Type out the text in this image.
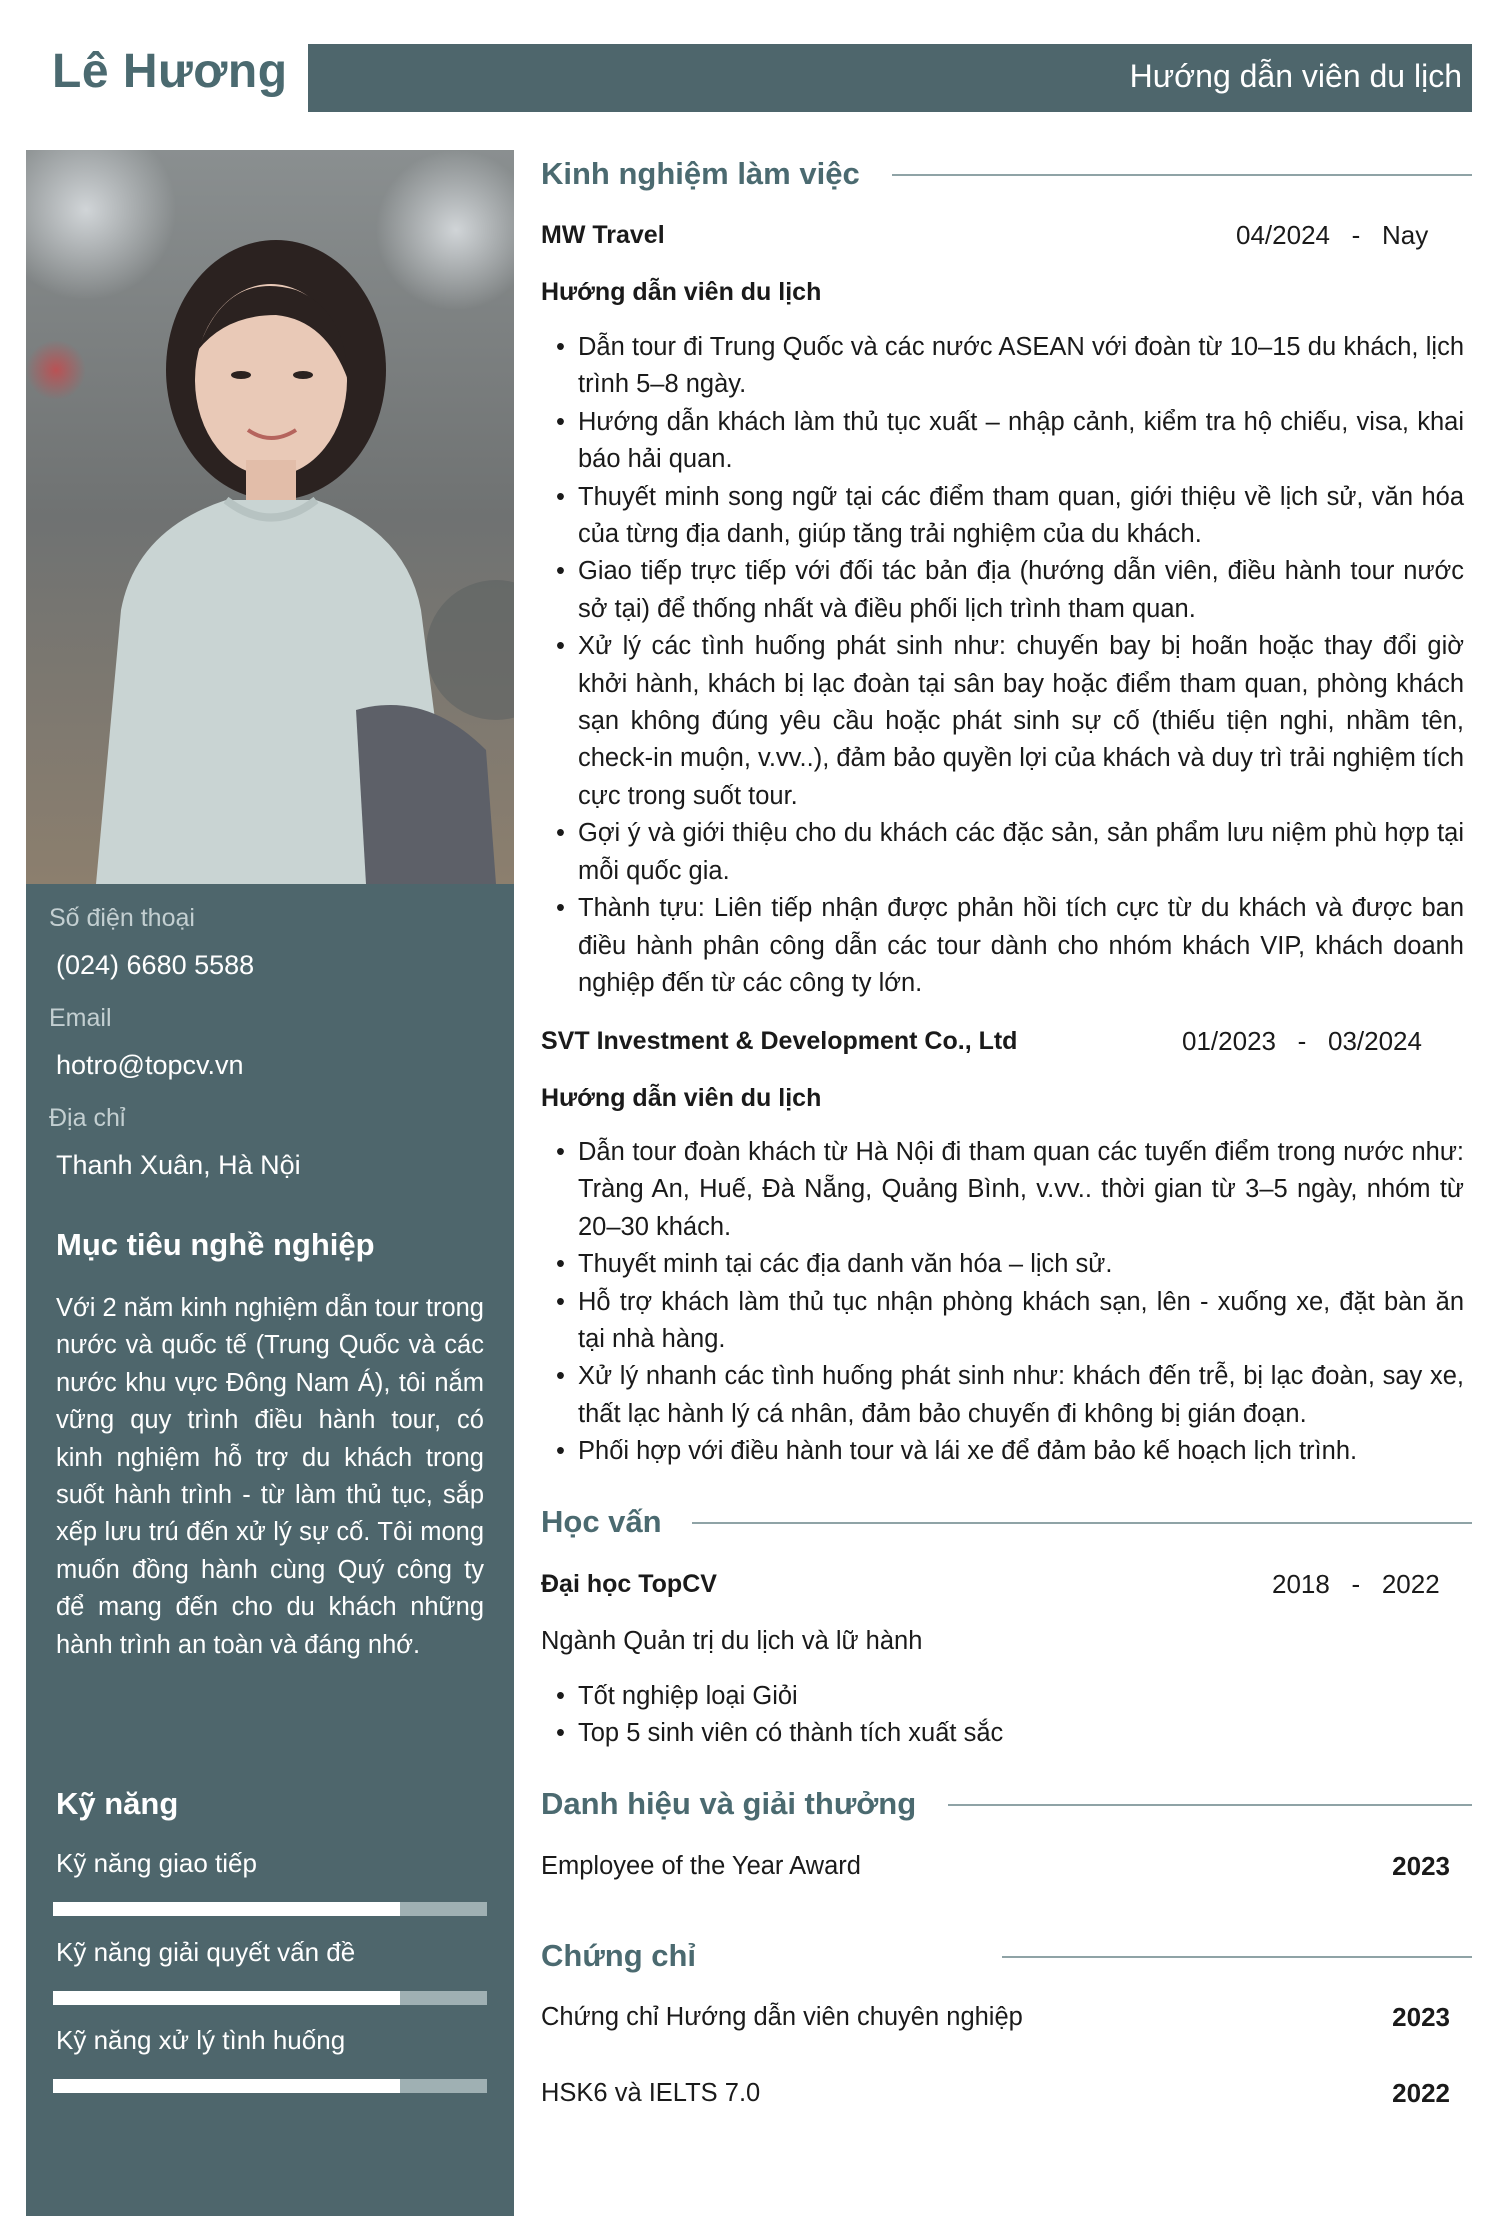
Lê Hương	Hướng dẫn viên du lịch
Số điện thoại
(024) 6680 5588
Email
hotro@topcv.vn
Địa chỉ
Thanh Xuân, Hà Nội
Mục tiêu nghề nghiệp
Với 2 năm kinh nghiệm dẫn tour trong nước và quốc tế (Trung Quốc và các nước khu vực Đông Nam Á), tôi nắm vững quy trình điều hành tour, có kinh nghiệm hỗ trợ du khách trong suốt hành trình - từ làm thủ tục, sắp xếp lưu trú đến xử lý sự cố. Tôi mong muốn đồng hành cùng Quý công ty để mang đến cho du khách những hành trình an toàn và đáng nhớ.
Kỹ năng
Kỹ năng giao tiếp
Kỹ năng giải quyết vấn đề
Kỹ năng xử lý tình huống
Kinh nghiệm làm việc
MW Travel	04/2024   -   Nay
Hướng dẫn viên du lịch
• Dẫn tour đi Trung Quốc và các nước ASEAN với đoàn từ 10–15 du khách, lịch trình 5–8 ngày.
• Hướng dẫn khách làm thủ tục xuất – nhập cảnh, kiểm tra hộ chiếu, visa, khai báo hải quan.
• Thuyết minh song ngữ tại các điểm tham quan, giới thiệu về lịch sử, văn hóa của từng địa danh, giúp tăng trải nghiệm của du khách.
• Giao tiếp trực tiếp với đối tác bản địa (hướng dẫn viên, điều hành tour nước sở tại) để thống nhất và điều phối lịch trình tham quan.
• Xử lý các tình huống phát sinh như: chuyến bay bị hoãn hoặc thay đổi giờ khởi hành, khách bị lạc đoàn tại sân bay hoặc điểm tham quan, phòng khách sạn không đúng yêu cầu hoặc phát sinh sự cố (thiếu tiện nghi, nhầm tên, check-in muộn, v.vv..), đảm bảo quyền lợi của khách và duy trì trải nghiệm tích cực trong suốt tour.
• Gợi ý và giới thiệu cho du khách các đặc sản, sản phẩm lưu niệm phù hợp tại mỗi quốc gia.
• Thành tựu: Liên tiếp nhận được phản hồi tích cực từ du khách và được ban điều hành phân công dẫn các tour dành cho nhóm khách VIP, khách doanh nghiệp đến từ các công ty lớn.
SVT Investment & Development Co., Ltd	01/2023   -   03/2024
Hướng dẫn viên du lịch
• Dẫn tour đoàn khách từ Hà Nội đi tham quan các tuyến điểm trong nước như: Tràng An, Huế, Đà Nẵng, Quảng Bình, v.vv.. thời gian từ 3–5 ngày, nhóm từ 20–30 khách.
• Thuyết minh tại các địa danh văn hóa – lịch sử.
• Hỗ trợ khách làm thủ tục nhận phòng khách sạn, lên - xuống xe, đặt bàn ăn tại nhà hàng.
• Xử lý nhanh các tình huống phát sinh như: khách đến trễ, bị lạc đoàn, say xe, thất lạc hành lý cá nhân, đảm bảo chuyến đi không bị gián đoạn.
• Phối hợp với điều hành tour và lái xe để đảm bảo kế hoạch lịch trình.
Học vấn
Đại học TopCV	2018   -   2022
Ngành Quản trị du lịch và lữ hành
• Tốt nghiệp loại Giỏi
• Top 5 sinh viên có thành tích xuất sắc
Danh hiệu và giải thưởng
Employee of the Year Award	2023
Chứng chỉ
Chứng chỉ Hướng dẫn viên chuyên nghiệp	2023
HSK6 và IELTS 7.0	2022
